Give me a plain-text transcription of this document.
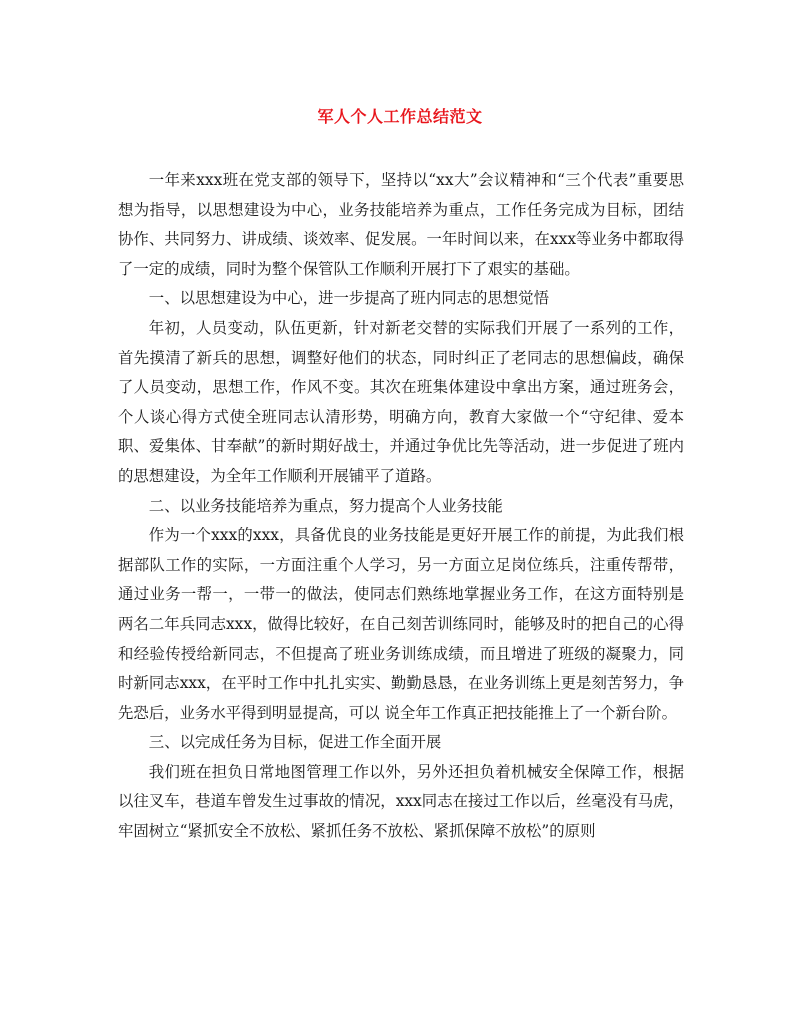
军人个人工作总结范文

一年来xxx班在党支部的领导下，坚持以“xx大”会议精神和“三个代表”重要思想为指导，以思想建设为中心，业务技能培养为重点，工作任务完成为目标，团结协作、共同努力、讲成绩、谈效率、促发展。一年时间以来，在xxx等业务中都取得了一定的成绩，同时为整个保管队工作顺利开展打下了艰实的基础。

一、以思想建设为中心，进一步提高了班内同志的思想觉悟

年初，人员变动，队伍更新，针对新老交替的实际我们开展了一系列的工作，首先摸清了新兵的思想，调整好他们的状态，同时纠正了老同志的思想偏歧，确保了人员变动，思想工作，作风不变。其次在班集体建设中拿出方案，通过班务会，个人谈心得方式使全班同志认清形势，明确方向，教育大家做一个“守纪律、爱本职、爱集体、甘奉献”的新时期好战士，并通过争优比先等活动，进一步促进了班内的思想建设，为全年工作顺利开展铺平了道路。

二、以业务技能培养为重点，努力提高个人业务技能

作为一个xxx的xxx，具备优良的业务技能是更好开展工作的前提，为此我们根据部队工作的实际，一方面注重个人学习，另一方面立足岗位练兵，注重传帮带，通过业务一帮一，一带一的做法，使同志们熟练地掌握业务工作，在这方面特别是两名二年兵同志xxx，做得比较好，在自己刻苦训练同时，能够及时的把自己的心得和经验传授给新同志，不但提高了班业务训练成绩，而且增进了班级的凝聚力，同时新同志xxx，在平时工作中扎扎实实、勤勤恳恳，在业务训练上更是刻苦努力，争先恐后，业务水平得到明显提高，可以 说全年工作真正把技能推上了一个新台阶。

三、以完成任务为目标，促进工作全面开展

我们班在担负日常地图管理工作以外，另外还担负着机械安全保障工作，根据以往叉车，巷道车曾发生过事故的情况，xxx同志在接过工作以后，丝毫没有马虎，牢固树立“紧抓安全不放松、紧抓任务不放松、紧抓保障不放松”的原则
